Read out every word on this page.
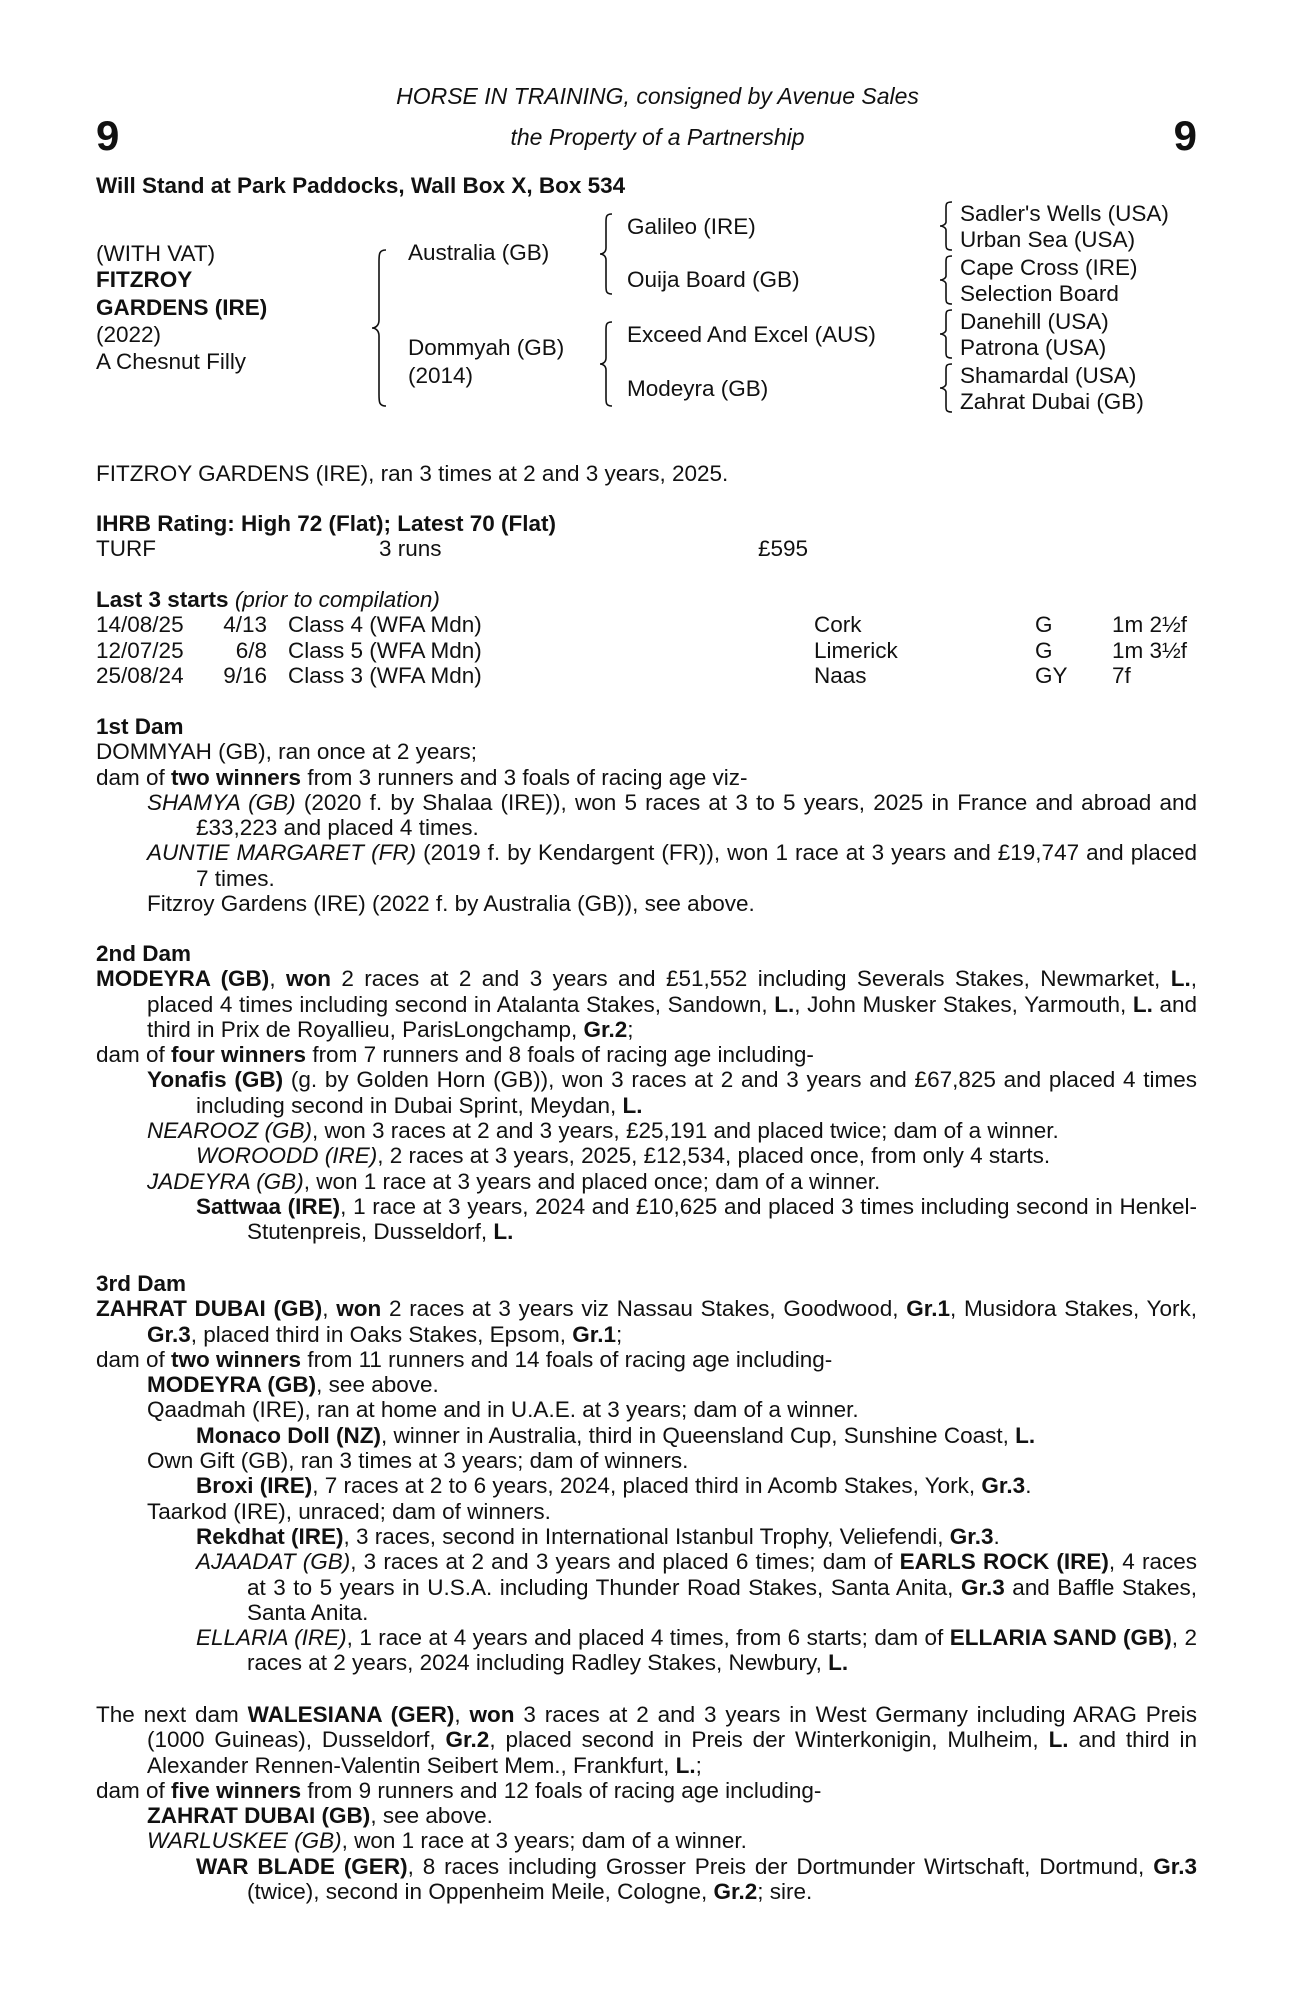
HORSE IN TRAINING, consigned by Avenue Sales
the Property of a Partnership
9	9
Will Stand at Park Paddocks, Wall Box X, Box 534
(WITH VAT)
FITZROY
GARDENS (IRE)
(2022)
A Chesnut Filly
Australia (GB)
Dommyah (GB)
(2014)
Galileo (IRE)
Ouija Board (GB)
Exceed And Excel (AUS)
Modeyra (GB)
Sadler's Wells (USA)
Urban Sea (USA)
Cape Cross (IRE)
Selection Board
Danehill (USA)
Patrona (USA)
Shamardal (USA)
Zahrat Dubai (GB)
FITZROY GARDENS (IRE), ran 3 times at 2 and 3 years, 2025.
IHRB Rating: High 72 (Flat); Latest 70 (Flat)
TURF	3 runs	£595
Last 3 starts (prior to compilation)
14/08/25 4/13 Class 4 (WFA Mdn)	Cork	G	1m 2½f
12/07/25 6/8 Class 5 (WFA Mdn)	Limerick	G	1m 3½f
25/08/24 9/16 Class 3 (WFA Mdn)	Naas	GY 7f
1st Dam
DOMMYAH (GB), ran once at 2 years;
dam of two winners from 3 runners and 3 foals of racing age viz-
SHAMYA (GB) (2020 f. by Shalaa (IRE)), won 5 races at 3 to 5 years, 2025 in France and abroad and £33,223 and placed 4 times.
AUNTIE MARGARET (FR) (2019 f. by Kendargent (FR)), won 1 race at 3 years and £19,747 and placed 7 times.
Fitzroy Gardens (IRE) (2022 f. by Australia (GB)), see above.
2nd Dam
MODEYRA (GB), won 2 races at 2 and 3 years and £51,552 including Severals Stakes, Newmarket, L., placed 4 times including second in Atalanta Stakes, Sandown, L., John Musker Stakes, Yarmouth, L. and third in Prix de Royallieu, ParisLongchamp, Gr.2;
dam of four winners from 7 runners and 8 foals of racing age including-
Yonafis (GB) (g. by Golden Horn (GB)), won 3 races at 2 and 3 years and £67,825 and placed 4 times including second in Dubai Sprint, Meydan, L.
NEAROOZ (GB), won 3 races at 2 and 3 years, £25,191 and placed twice; dam of a winner.
WOROODD (IRE), 2 races at 3 years, 2025, £12,534, placed once, from only 4 starts.
JADEYRA (GB), won 1 race at 3 years and placed once; dam of a winner.
Sattwaa (IRE), 1 race at 3 years, 2024 and £10,625 and placed 3 times including second in Henkel-Stutenpreis, Dusseldorf, L.
3rd Dam
ZAHRAT DUBAI (GB), won 2 races at 3 years viz Nassau Stakes, Goodwood, Gr.1, Musidora Stakes, York, Gr.3, placed third in Oaks Stakes, Epsom, Gr.1;
dam of two winners from 11 runners and 14 foals of racing age including-
MODEYRA (GB), see above.
Qaadmah (IRE), ran at home and in U.A.E. at 3 years; dam of a winner.
Monaco Doll (NZ), winner in Australia, third in Queensland Cup, Sunshine Coast, L.
Own Gift (GB), ran 3 times at 3 years; dam of winners.
Broxi (IRE), 7 races at 2 to 6 years, 2024, placed third in Acomb Stakes, York, Gr.3.
Taarkod (IRE), unraced; dam of winners.
Rekdhat (IRE), 3 races, second in International Istanbul Trophy, Veliefendi, Gr.3.
AJAADAT (GB), 3 races at 2 and 3 years and placed 6 times; dam of EARLS ROCK (IRE), 4 races at 3 to 5 years in U.S.A. including Thunder Road Stakes, Santa Anita, Gr.3 and Baffle Stakes, Santa Anita.
ELLARIA (IRE), 1 race at 4 years and placed 4 times, from 6 starts; dam of ELLARIA SAND (GB), 2 races at 2 years, 2024 including Radley Stakes, Newbury, L.
The next dam WALESIANA (GER), won 3 races at 2 and 3 years in West Germany including ARAG Preis (1000 Guineas), Dusseldorf, Gr.2, placed second in Preis der Winterkonigin, Mulheim, L. and third in Alexander Rennen-Valentin Seibert Mem., Frankfurt, L.;
dam of five winners from 9 runners and 12 foals of racing age including-
ZAHRAT DUBAI (GB), see above.
WARLUSKEE (GB), won 1 race at 3 years; dam of a winner.
WAR BLADE (GER), 8 races including Grosser Preis der Dortmunder Wirtschaft, Dortmund, Gr.3 (twice), second in Oppenheim Meile, Cologne, Gr.2; sire.
